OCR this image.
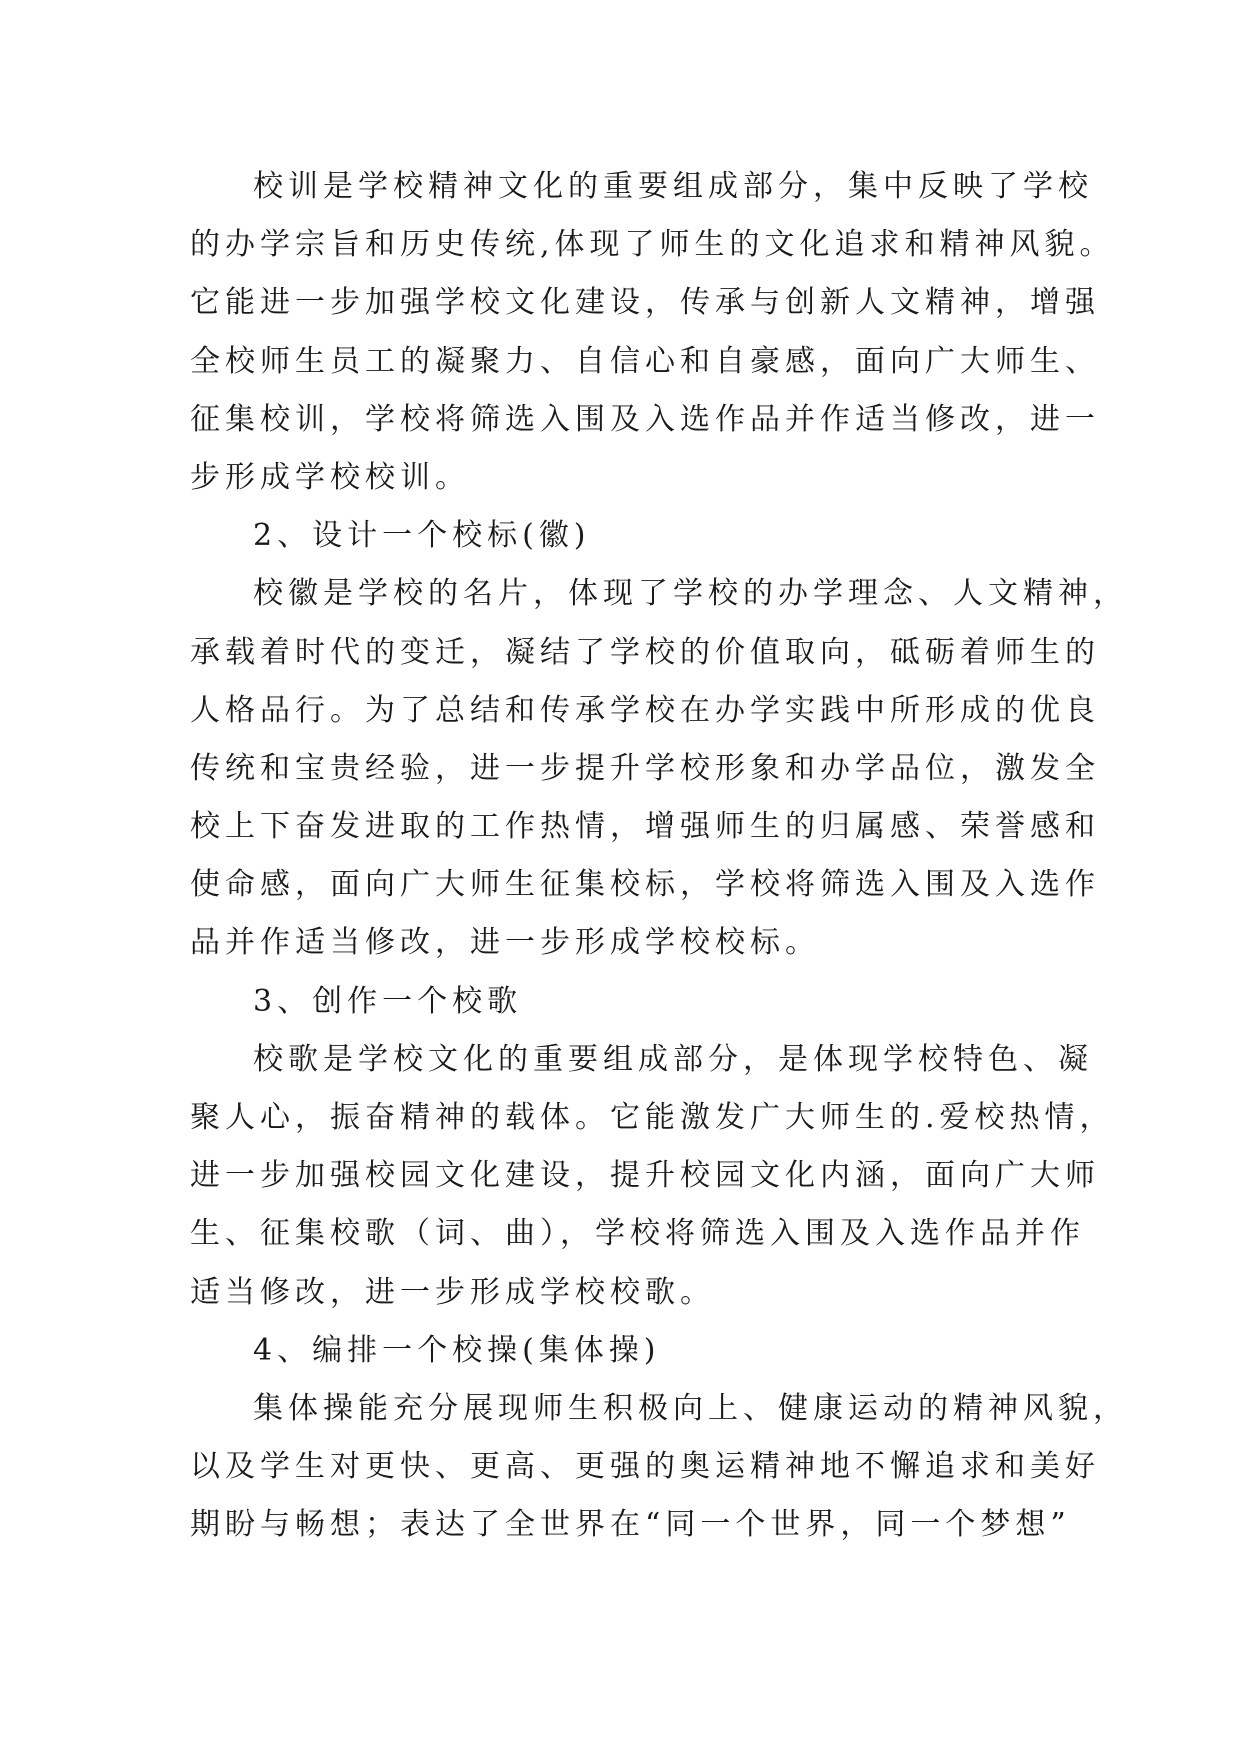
校训是学校精神文化的重要组成部分，集中反映了学校
的办学宗旨和历史传统,体现了师生的文化追求和精神风貌。
它能进一步加强学校文化建设，传承与创新人文精神，增强
全校师生员工的凝聚力、自信心和自豪感，面向广大师生、
征集校训，学校将筛选入围及入选作品并作适当修改，进一
步形成学校校训。
2、设计一个校标(徽)
校徽是学校的名片，体现了学校的办学理念、人文精神，
承载着时代的变迁，凝结了学校的价值取向，砥砺着师生的
人格品行。为了总结和传承学校在办学实践中所形成的优良
传统和宝贵经验，进一步提升学校形象和办学品位，激发全
校上下奋发进取的工作热情，增强师生的归属感、荣誉感和
使命感，面向广大师生征集校标，学校将筛选入围及入选作
品并作适当修改，进一步形成学校校标。
3、创作一个校歌
校歌是学校文化的重要组成部分，是体现学校特色、凝
聚人心，振奋精神的载体。它能激发广大师生的.爱校热情，
进一步加强校园文化建设，提升校园文化内涵，面向广大师
生、征集校歌（词、曲），学校将筛选入围及入选作品并作
适当修改，进一步形成学校校歌。
4、编排一个校操(集体操)
集体操能充分展现师生积极向上、健康运动的精神风貌，
以及学生对更快、更高、更强的奥运精神地不懈追求和美好
期盼与畅想；表达了全世界在“同一个世界，同一个梦想”
